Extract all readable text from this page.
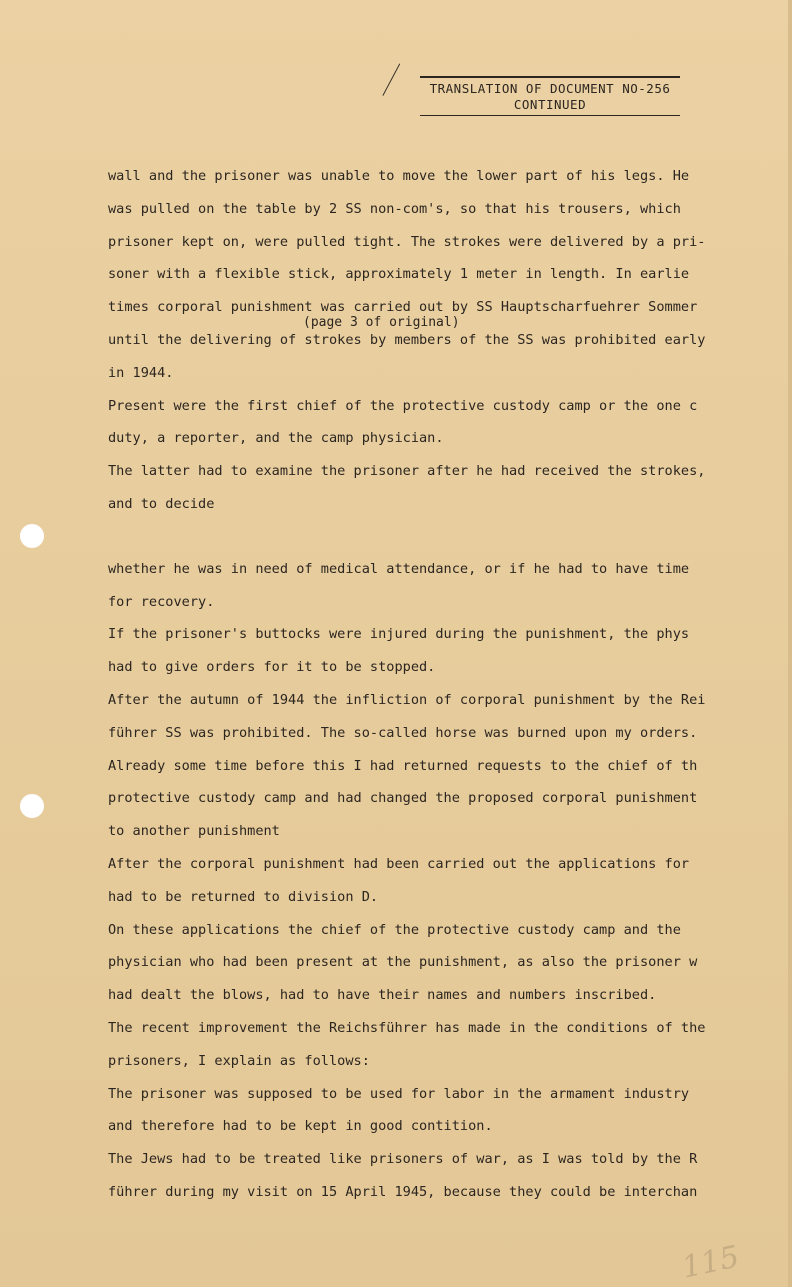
TRANSLATION OF DOCUMENT NO-256
CONTINUED
(page 3 of original)
wall and the prisoner was unable to move the lower part of his legs. He
was pulled on the table by 2 SS non-com's, so that his trousers, which
prisoner kept on, were pulled tight. The strokes were delivered by a pri-
soner with a flexible stick, approximately 1 meter in length. In earlie
times corporal punishment was carried out by SS Hauptscharfuehrer Sommer
until the delivering of strokes by members of the SS was prohibited early
in 1944.
Present were the first chief of the protective custody camp or the one c
duty, a reporter, and the camp physician.
The latter had to examine the prisoner after he had received the strokes,
and to decide
whether he was in need of medical attendance, or if he had to have time
for recovery.
If the prisoner's buttocks were injured during the punishment, the phys
had to give orders for it to be stopped.
After the autumn of 1944 the infliction of corporal punishment by the Rei
führer SS was prohibited. The so-called horse was burned upon my orders.
Already some time before this I had returned requests to the chief of th
protective custody camp and had changed the proposed corporal punishment
to another punishment
After the corporal punishment had been carried out the applications for
had to be returned to division D.
On these applications the chief of the protective custody camp and the
physician who had been present at the punishment, as also the prisoner w
had dealt the blows, had to have their names and numbers inscribed.
The recent improvement the Reichsführer has made in the conditions of the
prisoners, I explain as follows:
The prisoner was supposed to be used for labor in the armament industry
and therefore had to be kept in good contition.
The Jews had to be treated like prisoners of war, as I was told by the R
führer during my visit on 15 April 1945, because they could be interchan
115
